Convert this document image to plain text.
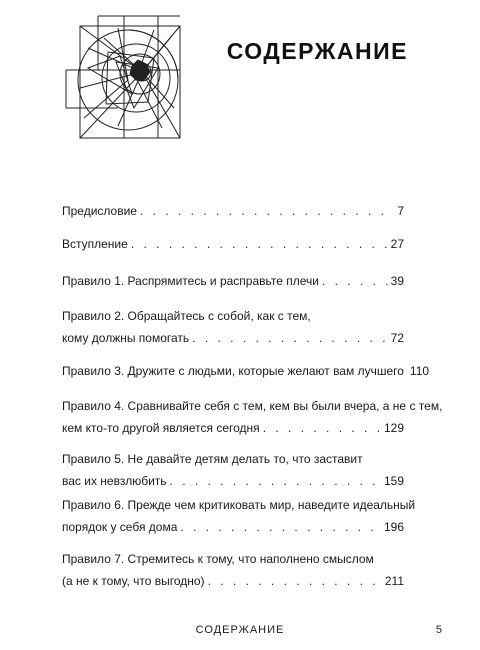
СОДЕРЖАНИЕ
Предисловие . . .	7
Вступление . . .	27
Правило 1. Распрямитесь и расправьте плечи . . .	39
Правило 2. Обращайтесь с собой, как с тем,
кому должны помогать . . .	72
Правило 3. Дружите с людьми, которые желают вам лучшего 110
Правило 4. Сравнивайте себя с тем, кем вы были вчера, а не с тем,
кем кто-то другой является сегодня . . .	129
Правило 5. Не давайте детям делать то, что заставит
вас их невзлюбить . . .	159
Правило 6. Прежде чем критиковать мир, наведите идеальный
порядок у себя дома . . .	196
Правило 7. Стремитесь к тому, что наполнено смыслом
(а не к тому, что выгодно) . . .	211
СОДЕРЖАНИЕ	5
